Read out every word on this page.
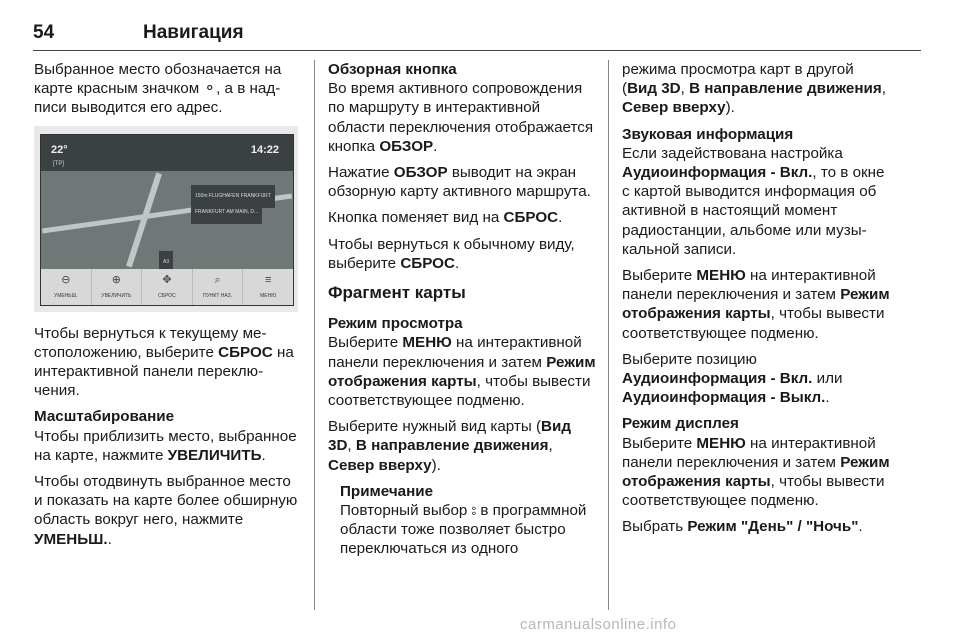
54	Навигация

Выбранное место обозначается на карте красным значком ⚬, а в надписи выводится его адрес.

22°
[TP]
14:22
150m FLUGHAFEN FRANKFURT
FRANKFURT AM MAIN, D...
A3
⊖
УМЕНЬШ.
⊕
УВЕЛИЧИТЬ
✥
СБРОС
⌕
ПУНКТ НАЗ.
≡
МЕНЮ

Чтобы вернуться к текущему местоположению, выберите СБРОС на интерактивной панели переключения.

Масштабирование

Чтобы приблизить место, выбранное на карте, нажмите УВЕЛИЧИТЬ.

Чтобы отодвинуть выбранное место и показать на карте более обширную область вокруг него, нажмите УМЕНЬШ..

Обзорная кнопка

Во время активного сопровождения по маршруту в интерактивной области переключения отображается кнопка ОБЗОР.

Нажатие ОБЗОР выводит на экран обзорную карту активного маршрута.

Кнопка поменяет вид на СБРОС.

Чтобы вернуться к обычному виду, выберите СБРОС.

Фрагмент карты
Режим просмотра

Выберите МЕНЮ на интерактивной панели переключения и затем Режим отображения карты, чтобы вывести соответствующее подменю.

Выберите нужный вид карты (Вид 3D, В направление движения, Север вверху).

Примечание
Повторный выбор ⦂ в программной области тоже позволяет быстро переключаться из одного

режима просмотра карт в другой (Вид 3D, В направление движения, Север вверху).

Звуковая информация

Если задействована настройка Аудиоинформация - Вкл., то в окне с картой выводится информация об активной в настоящий момент радиостанции, альбоме или музыкальной записи.

Выберите МЕНЮ на интерактивной панели переключения и затем Режим отображения карты, чтобы вывести соответствующее подменю.

Выберите позицию
Аудиоинформация - Вкл. или
Аудиоинформация - Выкл..

Режим дисплея

Выберите МЕНЮ на интерактивной панели переключения и затем Режим отображения карты, чтобы вывести соответствующее подменю.

Выбрать Режим "День" / "Ночь".

carmanualsonline.info
